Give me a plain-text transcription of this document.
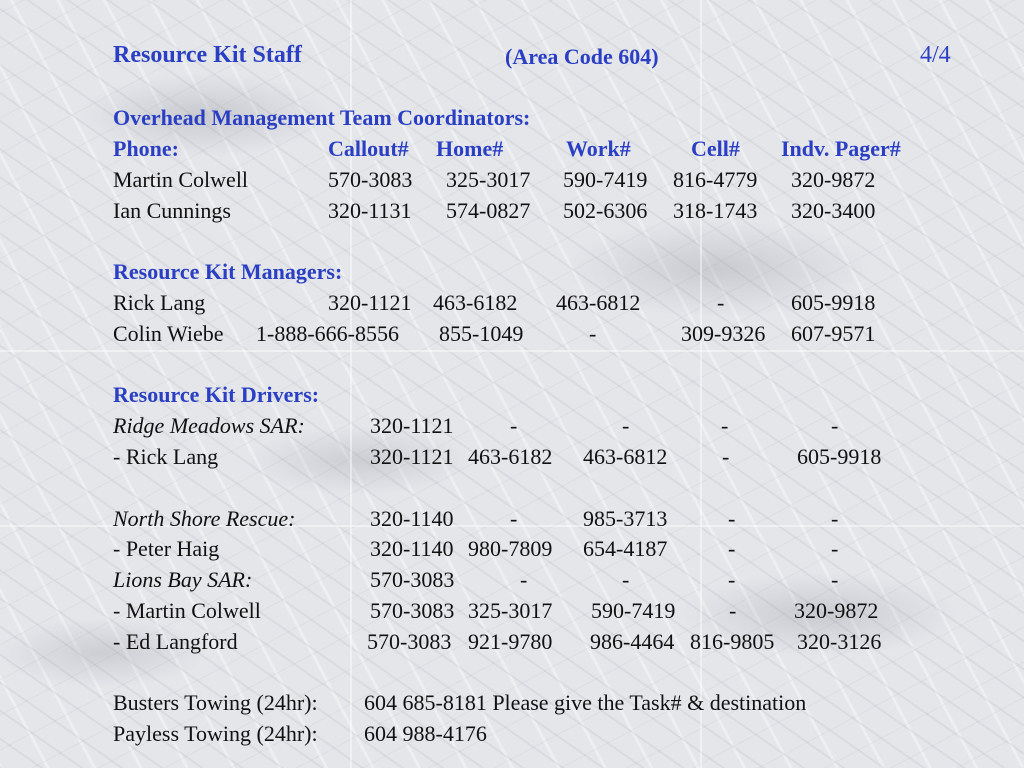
Resource Kit Staff	(Area Code 604)	4/4
Overhead Management Team Coordinators:
Phone:	Callout# Home#	Work#	Cell# Indv. Pager#
Martin Colwell	570-3083 325-3017 590-7419 816-4779 320-9872
Ian Cunnings	320-1131 574-0827 502-6306 318-1743 320-3400
Resource Kit Managers:
Rick Lang	320-1121 463-6182 463-6812	-	605-9918
Colin Wiebe 1-888-666-8556 855-1049	-	309-9326 607-9571
Resource Kit Drivers:
Ridge Meadows SAR:	320-1121	-	-	-	-
- Rick Lang	320-1121 463-6182 463-6812 -	605-9918
North Shore Rescue:	320-1140	-	985-3713	-	-
- Peter Haig	320-1140 980-7809 654-4187	-	-
Lions Bay SAR:	570-3083	-	-	-	-
- Martin Colwell	570-3083 325-3017 590-7419 -	320-9872
- Ed Langford	570-3083 921-9780 986-4464 816-9805 320-3126
Busters Towing (24hr): 604 685-8181 Please give the Task# & destination
Payless Towing (24hr): 604 988-4176
